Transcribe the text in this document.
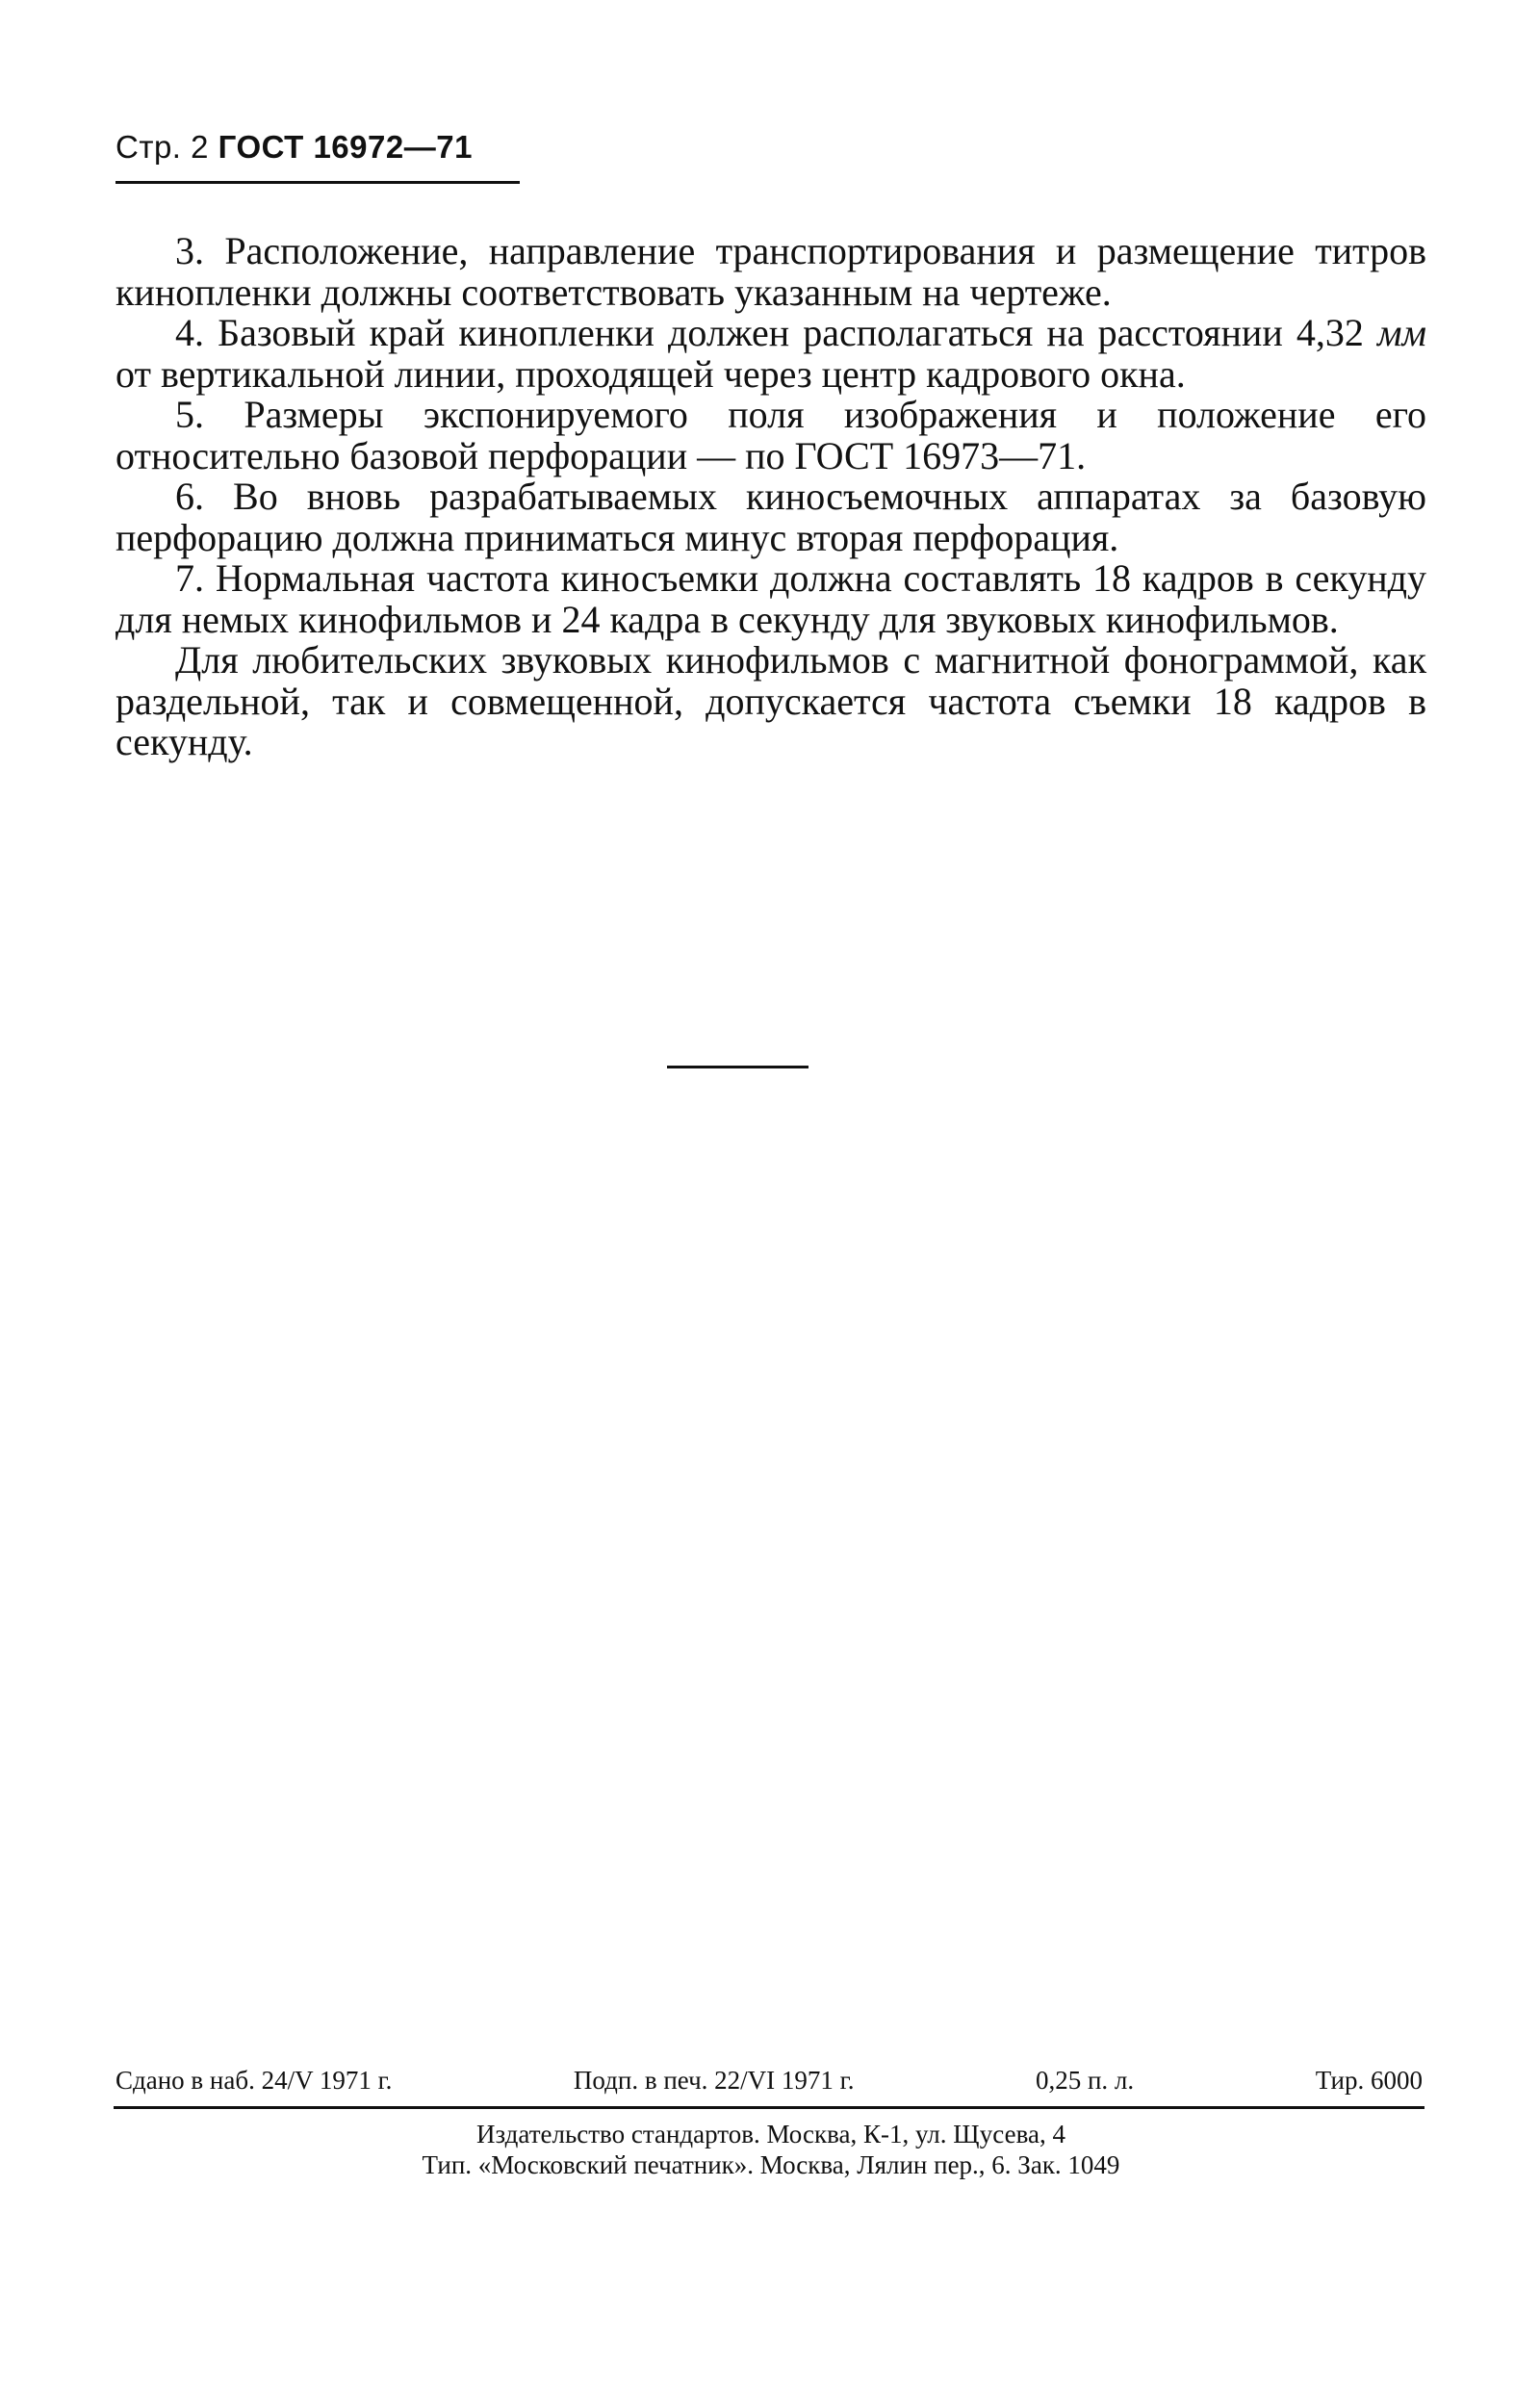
Стр. 2 ГОСТ 16972—71

3. Расположение, направление транспортирования и размещение титров кинопленки должны соответствовать указанным на чертеже.

4. Базовый край кинопленки должен располагаться на расстоянии 4,32 мм от вертикальной линии, проходящей через центр кадрового окна.

5. Размеры экспонируемого поля изображения и положение его относительно базовой перфорации — по ГОСТ 16973—71.

6. Во вновь разрабатываемых киносъемочных аппаратах за базовую перфорацию должна приниматься минус вторая перфорация.

7. Нормальная частота киносъемки должна составлять 18 кадров в секунду для немых кинофильмов и 24 кадра в секунду для звуковых кинофильмов.

Для любительских звуковых кинофильмов с магнитной фонограммой, как раздельной, так и совмещенной, допускается частота съемки 18 кадров в секунду.

Сдано в наб. 24/V 1971 г.	Подп. в печ. 22/VI 1971 г.	0,25 п. л.	Тир. 6000
Издательство стандартов. Москва, К-1, ул. Щусева, 4
Тип. «Московский печатник». Москва, Лялин пер., 6. Зак. 1049
